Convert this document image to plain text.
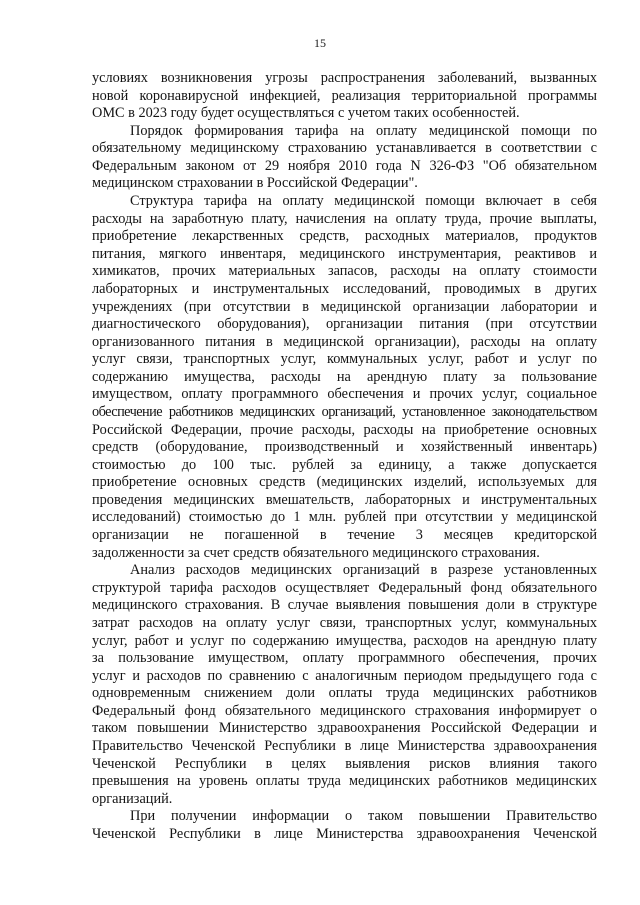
15
условиях возникновения угрозы распространения заболеваний, вызванных
новой коронавирусной инфекцией, реализация территориальной программы
ОМС в 2023 году будет осуществляться с учетом таких особенностей.
Порядок формирования тарифа на оплату медицинской помощи по
обязательному медицинскому страхованию устанавливается в соответствии с
Федеральным законом от 29 ноября 2010 года N 326-ФЗ "Об обязательном
медицинском страховании в Российской Федерации".
Структура тарифа на оплату медицинской помощи включает в себя
расходы на заработную плату, начисления на оплату труда, прочие выплаты,
приобретение лекарственных средств, расходных материалов, продуктов
питания, мягкого инвентаря, медицинского инструментария, реактивов и
химикатов, прочих материальных запасов, расходы на оплату стоимости
лабораторных и инструментальных исследований, проводимых в других
учреждениях (при отсутствии в медицинской организации лаборатории и
диагностического оборудования), организации питания (при отсутствии
организованного питания в медицинской организации), расходы на оплату
услуг связи, транспортных услуг, коммунальных услуг, работ и услуг по
содержанию имущества, расходы на арендную плату за пользование
имуществом, оплату программного обеспечения и прочих услуг, социальное
обеспечение работников медицинских организаций, установленное законодательством
Российской Федерации, прочие расходы, расходы на приобретение основных
средств (оборудование, производственный и хозяйственный инвентарь)
стоимостью до 100 тыс. рублей за единицу, а также допускается
приобретение основных средств (медицинских изделий, используемых для
проведения медицинских вмешательств, лабораторных и инструментальных
исследований) стоимостью до 1 млн. рублей при отсутствии у медицинской
организации не погашенной в течение 3 месяцев кредиторской
задолженности за счет средств обязательного медицинского страхования.
Анализ расходов медицинских организаций в разрезе установленных
структурой тарифа расходов осуществляет Федеральный фонд обязательного
медицинского страхования. В случае выявления повышения доли в структуре
затрат расходов на оплату услуг связи, транспортных услуг, коммунальных
услуг, работ и услуг по содержанию имущества, расходов на арендную плату
за пользование имуществом, оплату программного обеспечения, прочих
услуг и расходов по сравнению с аналогичным периодом предыдущего года с
одновременным снижением доли оплаты труда медицинских работников
Федеральный фонд обязательного медицинского страхования информирует о
таком повышении Министерство здравоохранения Российской Федерации и
Правительство Чеченской Республики в лице Министерства здравоохранения
Чеченской Республики в целях выявления рисков влияния такого
превышения на уровень оплаты труда медицинских работников медицинских
организаций.
При получении информации о таком повышении Правительство
Чеченской Республики в лице Министерства здравоохранения Чеченской
